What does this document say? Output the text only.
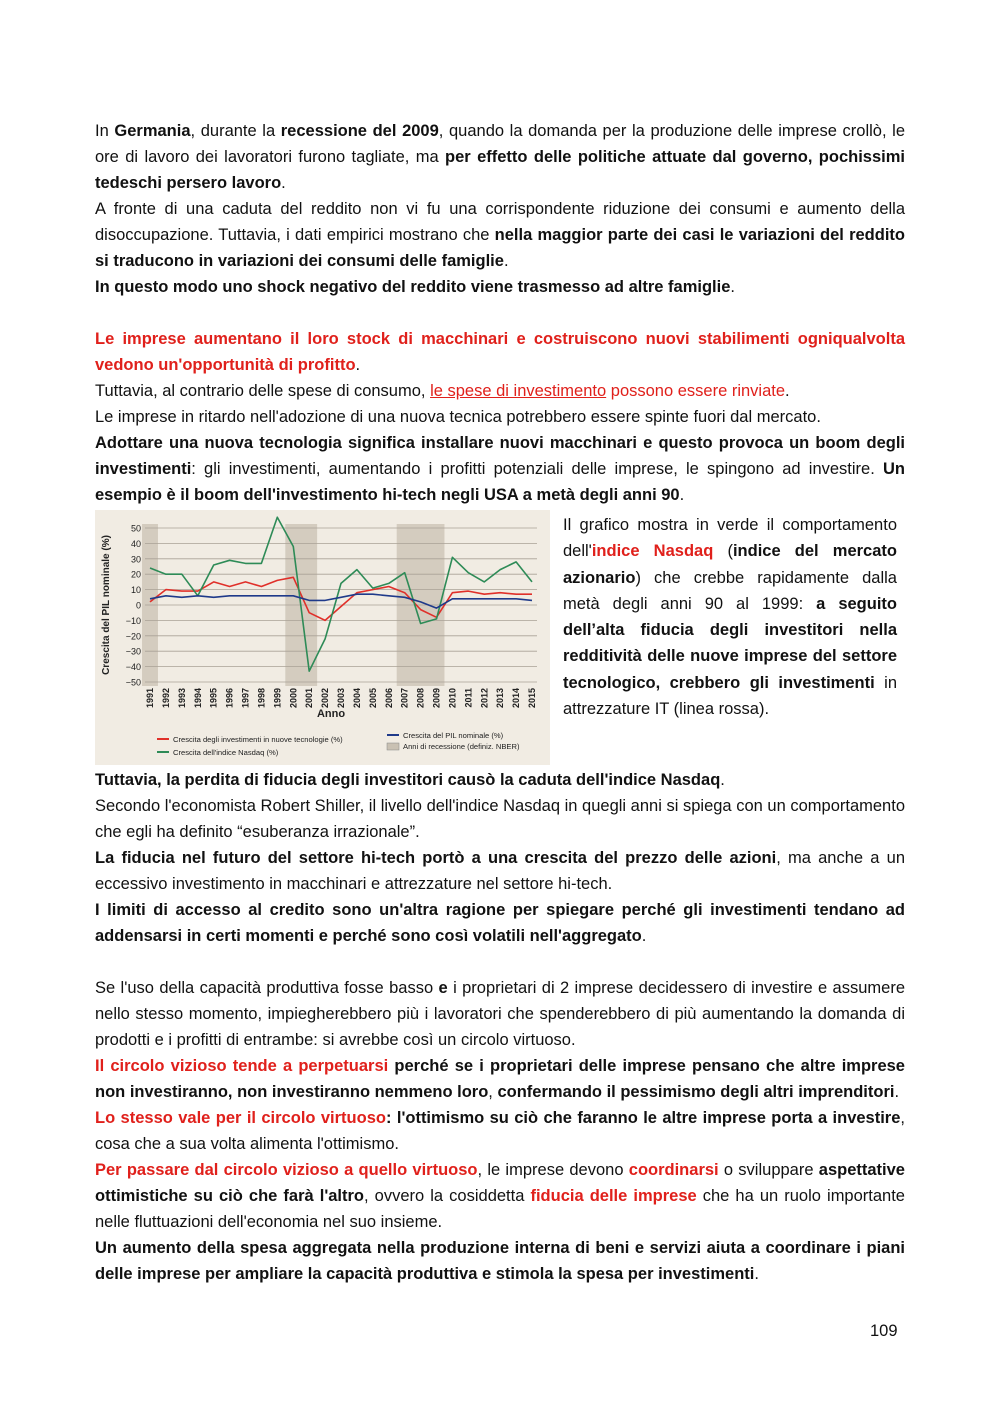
In Germania, durante la recessione del 2009, quando la domanda per la produzione delle imprese crollò, le ore di lavoro dei lavoratori furono tagliate, ma per effetto delle politiche attuate dal governo, pochissimi tedeschi persero lavoro.

A fronte di una caduta del reddito non vi fu una corrispondente riduzione dei consumi e aumento della disoccupazione. Tuttavia, i dati empirici mostrano che nella maggior parte dei casi le variazioni del reddito si traducono in variazioni dei consumi delle famiglie.

In questo modo uno shock negativo del reddito viene trasmesso ad altre famiglie.

Le imprese aumentano il loro stock di macchinari e costruiscono nuovi stabilimenti ogniqualvolta vedono un'opportunità di profitto.

Tuttavia, al contrario delle spese di consumo, le spese di investimento possono essere rinviate.

Le imprese in ritardo nell'adozione di una nuova tecnica potrebbero essere spinte fuori dal mercato.

Adottare una nuova tecnologia significa installare nuovi macchinari e questo provoca un boom degli investimenti: gli investimenti, aumentando i profitti potenziali delle imprese, le spingono ad investire. Un esempio è il boom dell'investimento hi-tech negli USA a metà degli anni 90.

50
40
30
20
10
0
−10
−20
−30
−40
−50
1991 1992 1993 1994 1995 1996 1997 1998 1999 2000 2001 2002 2003 2004 2005 2006 2007 2008 2009 2010 2011 2012 2013 2014 2015
Anno
Crescita del PIL nominale (%)
Crescita degli investimenti in nuove tecnologie (%)
Crescita dell'indice Nasdaq (%)
Crescita del PIL nominale (%)
Anni di recessione (definiz. NBER)

Il grafico mostra in verde il comportamento dell'indice Nasdaq (indice del mercato azionario) che crebbe rapidamente dalla metà degli anni 90 al 1999: a seguito dell’alta fiducia degli investitori nella redditività delle nuove imprese del settore tecnologico, crebbero gli investimenti in attrezzature IT (linea rossa).

Tuttavia, la perdita di fiducia degli investitori causò la caduta dell'indice Nasdaq.

Secondo l'economista Robert Shiller, il livello dell'indice Nasdaq in quegli anni si spiega con un comportamento che egli ha definito “esuberanza irrazionale”.

La fiducia nel futuro del settore hi-tech portò a una crescita del prezzo delle azioni, ma anche a un eccessivo investimento in macchinari e attrezzature nel settore hi-tech.

I limiti di accesso al credito sono un'altra ragione per spiegare perché gli investimenti tendano ad addensarsi in certi momenti e perché sono così volatili nell'aggregato.

Se l'uso della capacità produttiva fosse basso e i proprietari di 2 imprese decidessero di investire e assumere nello stesso momento, impiegherebbero più i lavoratori che spenderebbero di più aumentando la domanda di prodotti e i profitti di entrambe: si avrebbe così un circolo virtuoso.

Il circolo vizioso tende a perpetuarsi perché se i proprietari delle imprese pensano che altre imprese non investiranno, non investiranno nemmeno loro, confermando il pessimismo degli altri imprenditori.

Lo stesso vale per il circolo virtuoso: l'ottimismo su ciò che faranno le altre imprese porta a investire, cosa che a sua volta alimenta l'ottimismo.

Per passare dal circolo vizioso a quello virtuoso, le imprese devono coordinarsi o sviluppare aspettative ottimistiche su ciò che farà l'altro, ovvero la cosiddetta fiducia delle imprese che ha un ruolo importante nelle fluttuazioni dell'economia nel suo insieme.

Un aumento della spesa aggregata nella produzione interna di beni e servizi aiuta a coordinare i piani delle imprese per ampliare la capacità produttiva e stimola la spesa per investimenti.

109
